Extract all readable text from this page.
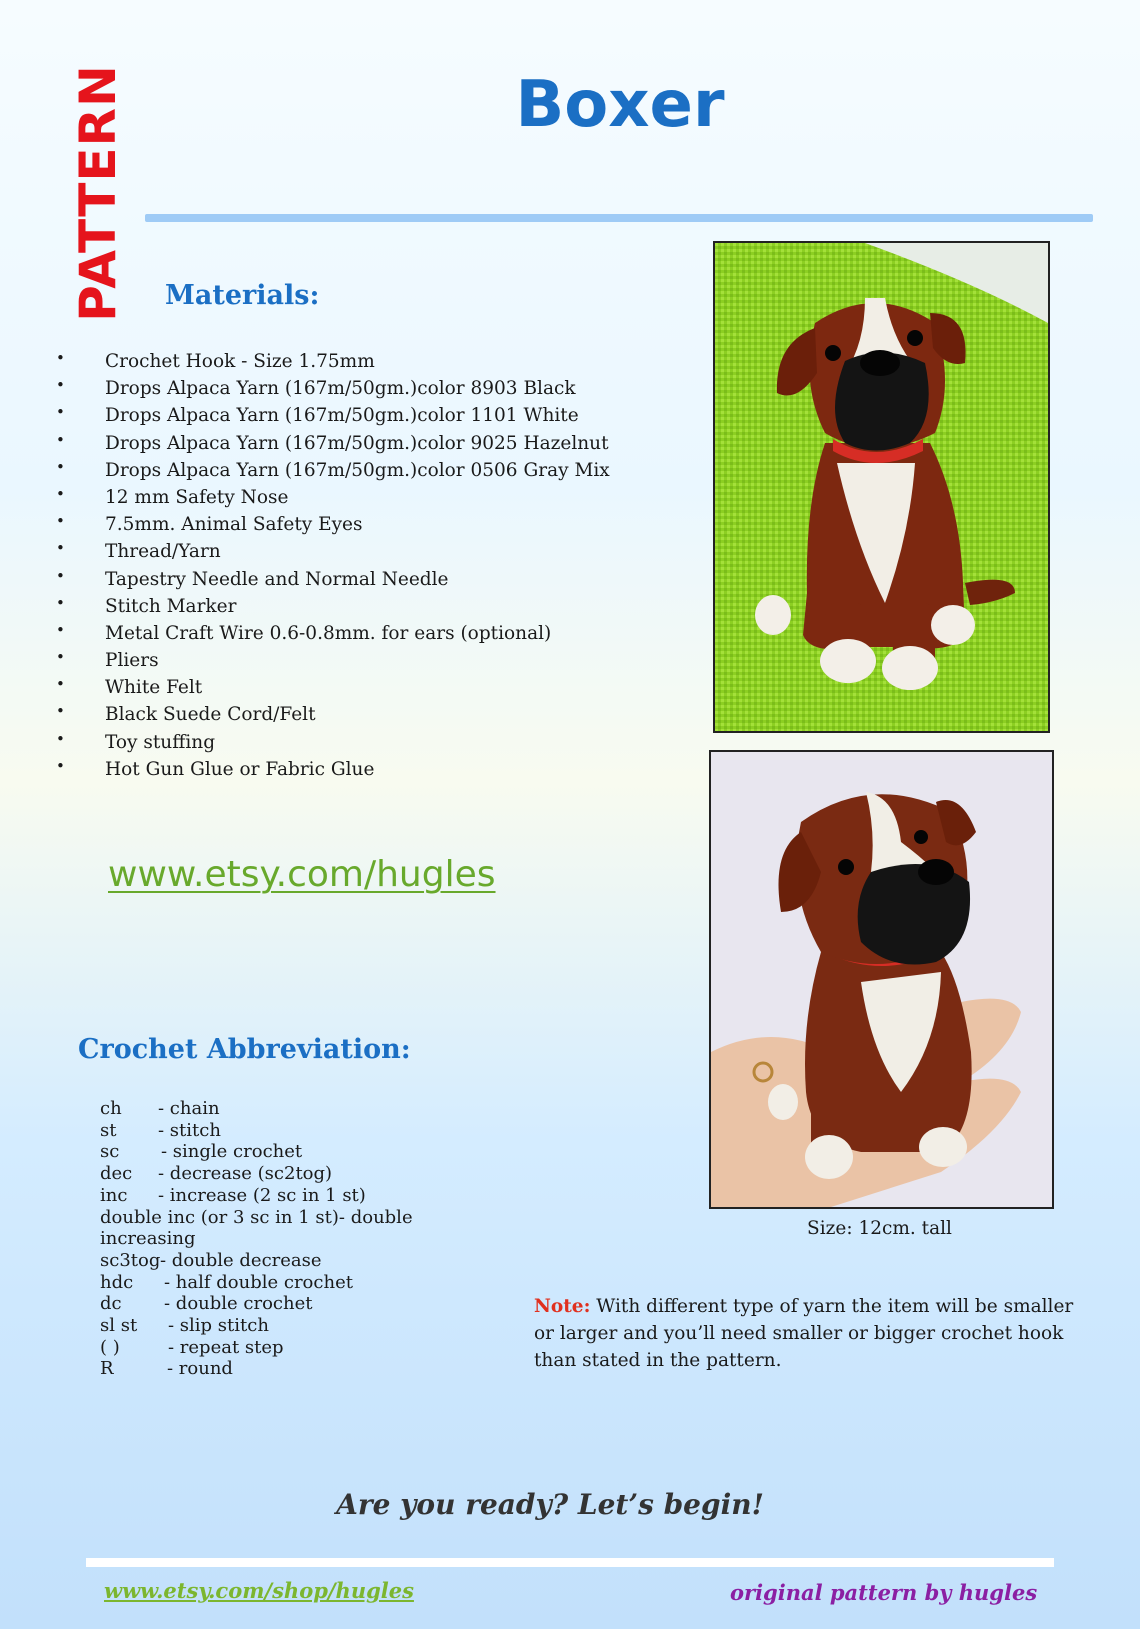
PATTERN	Boxer
Materials:
• Crochet Hook - Size 1.75mm
• Drops Alpaca Yarn (167m/50gm.)color 8903 Black
• Drops Alpaca Yarn (167m/50gm.)color 1101 White
• Drops Alpaca Yarn (167m/50gm.)color 9025 Hazelnut
• Drops Alpaca Yarn (167m/50gm.)color 0506 Gray Mix
• 12 mm Safety Nose
• 7.5mm. Animal Safety Eyes
• Thread/Yarn
• Tapestry Needle and Normal Needle
• Stitch Marker
• Metal Craft Wire 0.6-0.8mm. for ears (optional)
• Pliers
• White Felt
• Black Suede Cord/Felt
• Toy stuffing
• Hot Gun Glue or Fabric Glue
www.etsy.com/hugles
Crochet Abbreviation:
ch - chain
st - stitch
sc - single crochet
dec - decrease (sc2tog)
inc - increase (2 sc in 1 st)
double inc (or 3 sc in 1 st)- double
increasing
sc3tog- double decrease
hdc - half double crochet
dc - double crochet
sl st - slip stitch
( )	- repeat step
R	- round
Size: 12cm. tall
Note: With different type of yarn the item will be smaller or larger and you’ll need smaller or bigger crochet hook than stated in the pattern.
Are you ready? Let’s begin!
www.etsy.com/shop/hugles	original pattern by hugles
